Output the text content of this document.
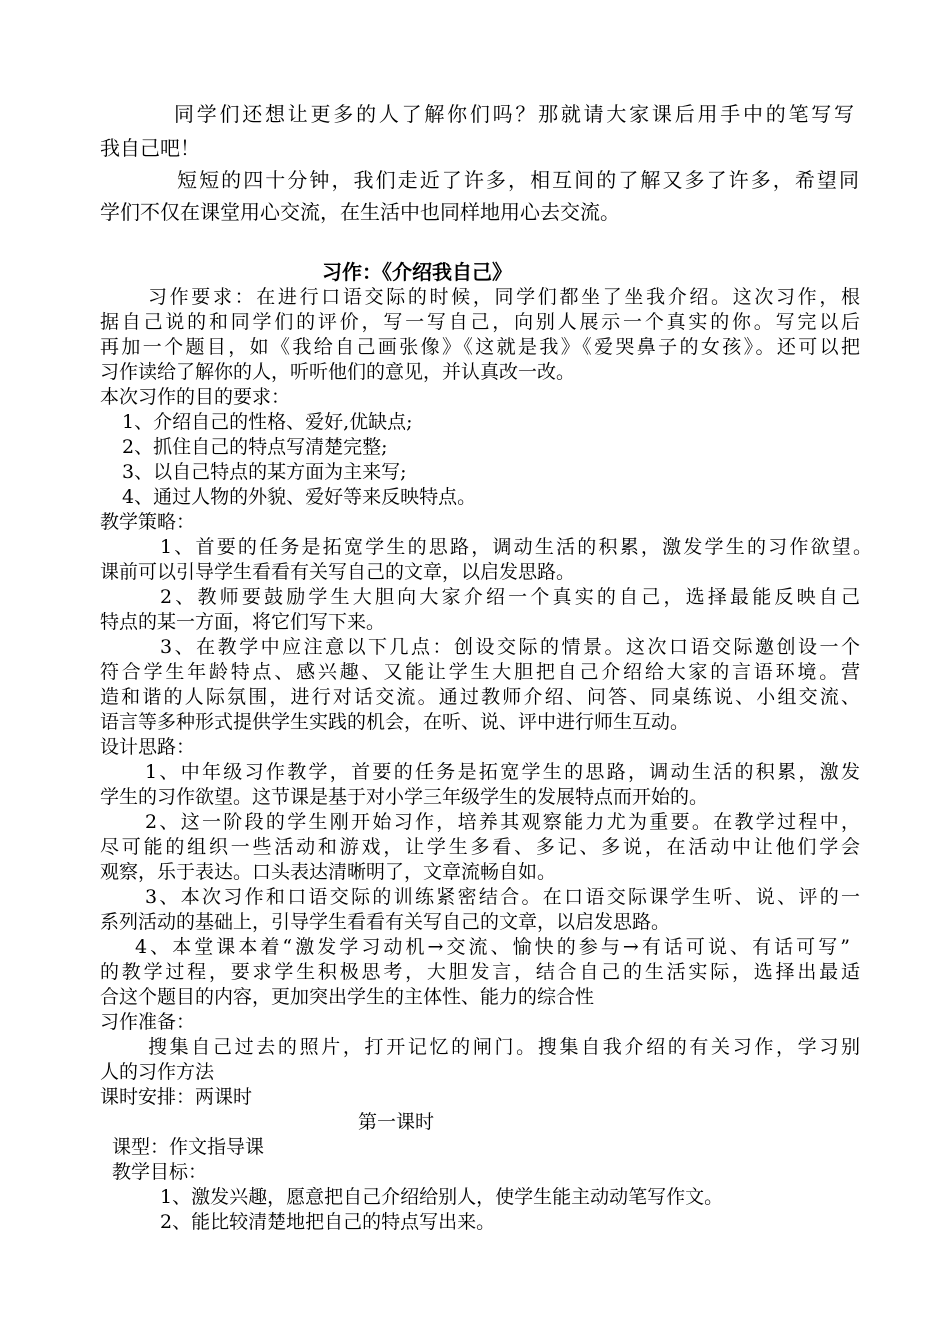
同学们还想让更多的人了解你们吗？那就请大家课后用手中的笔写写
我自己吧！
短短的四十分钟，我们走近了许多，相互间的了解又多了许多，希望同
学们不仅在课堂用心交流，在生活中也同样地用心去交流。
习作：《介绍我自己》
习作要求：在进行口语交际的时候，同学们都坐了坐我介绍。这次习作，根
据自己说的和同学们的评价，写一写自己，向别人展示一个真实的你。写完以后
再加一个题目，如《我给自己画张像》《这就是我》《爱哭鼻子的女孩》。还可以把
习作读给了解你的人，听听他们的意见，并认真改一改。
本次习作的目的要求：
1、介绍自己的性格、爱好,优缺点;
2、抓住自己的特点写清楚完整;
3、以自己特点的某方面为主来写;
4、通过人物的外貌、爱好等来反映特点。
教学策略：
1、首要的任务是拓宽学生的思路，调动生活的积累，激发学生的习作欲望。
课前可以引导学生看看有关写自己的文章，以启发思路。
2、教师要鼓励学生大胆向大家介绍一个真实的自己，选择最能反映自己
特点的某一方面，将它们写下来。
3、在教学中应注意以下几点：创设交际的情景。这次口语交际邀创设一个
符合学生年龄特点、感兴趣、又能让学生大胆把自己介绍给大家的言语环境。营
造和谐的人际氛围，进行对话交流。通过教师介绍、问答、同桌练说、小组交流、
语言等多种形式提供学生实践的机会，在听、说、评中进行师生互动。
设计思路：
1、中年级习作教学，首要的任务是拓宽学生的思路，调动生活的积累，激发
学生的习作欲望。这节课是基于对小学三年级学生的发展特点而开始的。
2、这一阶段的学生刚开始习作，培养其观察能力尤为重要。在教学过程中，
尽可能的组织一些活动和游戏，让学生多看、多记、多说，在活动中让他们学会
观察，乐于表达。口头表达清晰明了，文章流畅自如。
3、本次习作和口语交际的训练紧密结合。在口语交际课学生听、说、评的一
系列活动的基础上，引导学生看看有关写自己的文章，以启发思路。
4、本堂课本着“激发学习动机→交流、愉快的参与→有话可说、有话可写”
的教学过程，要求学生积极思考，大胆发言，结合自己的生活实际，选择出最适
合这个题目的内容，更加突出学生的主体性、能力的综合性
习作准备：
搜集自己过去的照片，打开记忆的闸门。搜集自我介绍的有关习作，学习别
人的习作方法
课时安排：两课时
第一课时
课型：作文指导课
教学目标：
1、激发兴趣，愿意把自己介绍给别人，使学生能主动动笔写作文。
2、能比较清楚地把自己的特点写出来。
